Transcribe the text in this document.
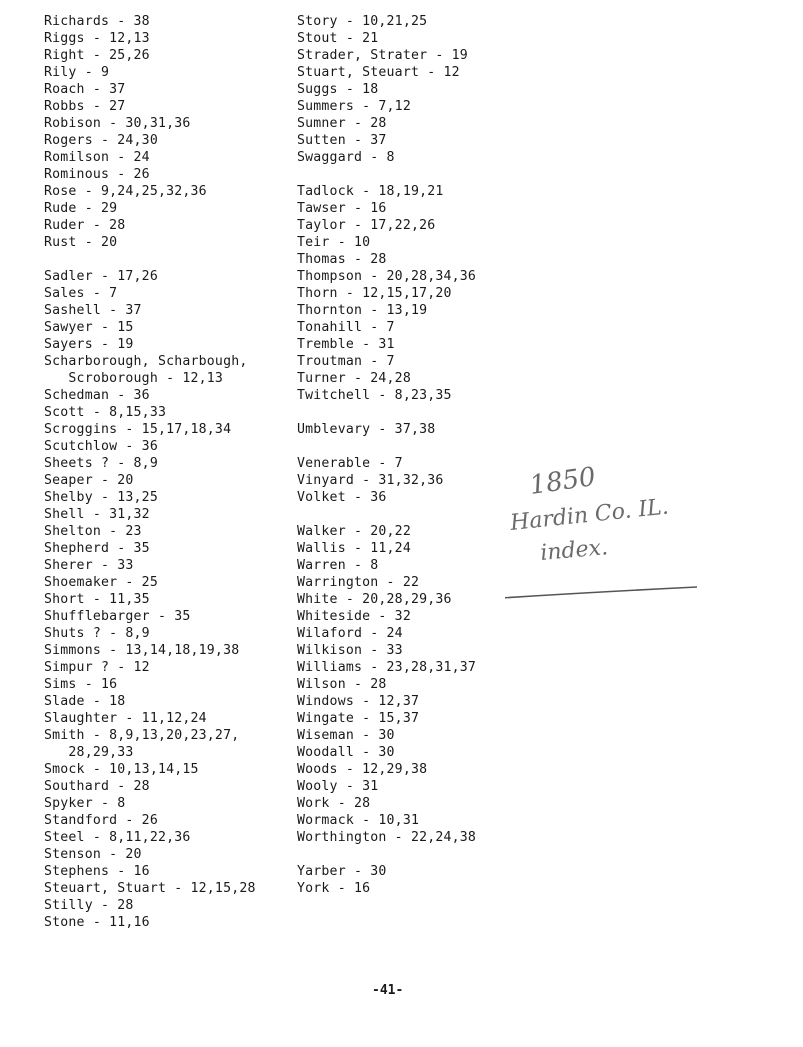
Richards - 38
Riggs - 12,13
Right - 25,26
Rily - 9
Roach - 37
Robbs - 27
Robison - 30,31,36
Rogers - 24,30
Romilson - 24
Rominous - 26
Rose - 9,24,25,32,36
Rude - 29
Ruder - 28
Rust - 20
Sadler - 17,26
Sales - 7
Sashell - 37
Sawyer - 15
Sayers - 19
Scharborough, Scharbough,
Scroborough - 12,13
Schedman - 36
Scott - 8,15,33
Scroggins - 15,17,18,34
Scutchlow - 36
Sheets ? - 8,9
Seaper - 20
Shelby - 13,25
Shell - 31,32
Shelton - 23
Shepherd - 35
Sherer - 33
Shoemaker - 25
Short - 11,35
Shufflebarger - 35
Shuts ? - 8,9
Simmons - 13,14,18,19,38
Simpur ? - 12
Sims - 16
Slade - 18
Slaughter - 11,12,24
Smith - 8,9,13,20,23,27,
28,29,33
Smock - 10,13,14,15
Southard - 28
Spyker - 8
Standford - 26
Steel - 8,11,22,36
Stenson - 20
Stephens - 16
Steuart, Stuart - 12,15,28
Stilly - 28
Stone - 11,16
Story - 10,21,25
Stout - 21
Strader, Strater - 19
Stuart, Steuart - 12
Suggs - 18
Summers - 7,12
Sumner - 28
Sutten - 37
Swaggard - 8
Tadlock - 18,19,21
Tawser - 16
Taylor - 17,22,26
Teir - 10
Thomas - 28
Thompson - 20,28,34,36
Thorn - 12,15,17,20
Thornton - 13,19
Tonahill - 7
Tremble - 31
Troutman - 7
Turner - 24,28
Twitchell - 8,23,35
Umblevary - 37,38
Venerable - 7
Vinyard - 31,32,36
Volket - 36
Walker - 20,22
Wallis - 11,24
Warren - 8
Warrington - 22
White - 20,28,29,36
Whiteside - 32
Wilaford - 24
Wilkison - 33
Williams - 23,28,31,37
Wilson - 28
Windows - 12,37
Wingate - 15,37
Wiseman - 30
Woodall - 30
Woods - 12,29,38
Wooly - 31
Work - 28
Wormack - 10,31
Worthington - 22,24,38
Yarber - 30
York - 16
1850
Hardin Co. IL.
index.
-41-
